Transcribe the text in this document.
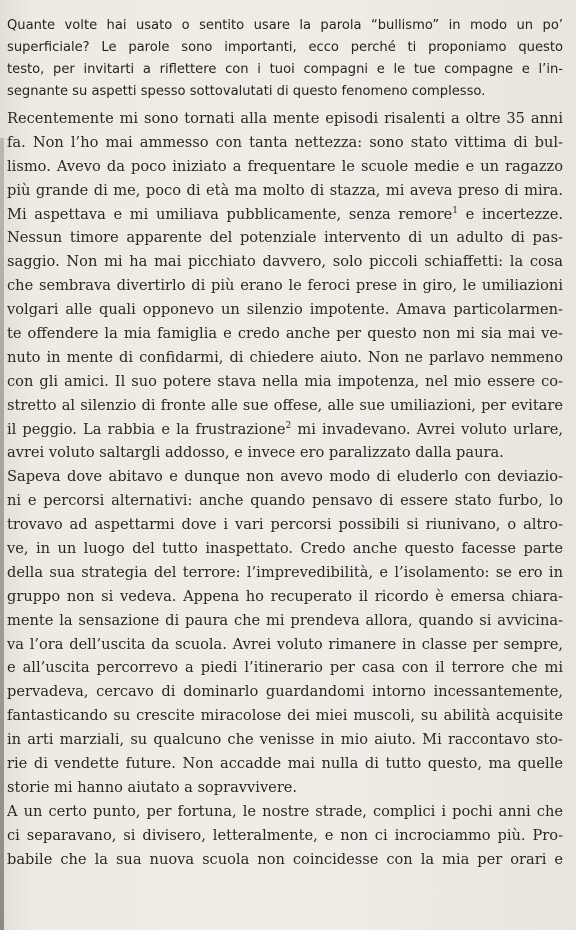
Quante volte hai usato o sentito usare la parola “bullismo” in modo un po’
superficiale? Le parole sono importanti, ecco perché ti proponiamo questo
testo, per invitarti a riflettere con i tuoi compagni e le tue compagne e l’in-
segnante su aspetti spesso sottovalutati di questo fenomeno complesso.
Recentemente mi sono tornati alla mente episodi risalenti a oltre 35 anni
fa. Non l’ho mai ammesso con tanta nettezza: sono stato vittima di bul-
lismo. Avevo da poco iniziato a frequentare le scuole medie e un ragazzo
più grande di me, poco di età ma molto di stazza, mi aveva preso di mira.
Mi aspettava e mi umiliava pubblicamente, senza remore$^1$ e incertezze.
Nessun timore apparente del potenziale intervento di un adulto di pas-
saggio. Non mi ha mai picchiato davvero, solo piccoli schiaffetti: la cosa
che sembrava divertirlo di più erano le feroci prese in giro, le umiliazioni
volgari alle quali opponevo un silenzio impotente. Amava particolarmen-
te offendere la mia famiglia e credo anche per questo non mi sia mai ve-
nuto in mente di confidarmi, di chiedere aiuto. Non ne parlavo nemmeno
con gli amici. Il suo potere stava nella mia impotenza, nel mio essere co-
stretto al silenzio di fronte alle sue offese, alle sue umiliazioni, per evitare
il peggio. La rabbia e la frustrazione$^2$ mi invadevano. Avrei voluto urlare,
avrei voluto saltargli addosso, e invece ero paralizzato dalla paura.
Sapeva dove abitavo e dunque non avevo modo di eluderlo con deviazio-
ni e percorsi alternativi: anche quando pensavo di essere stato furbo, lo
trovavo ad aspettarmi dove i vari percorsi possibili si riunivano, o altro-
ve, in un luogo del tutto inaspettato. Credo anche questo facesse parte
della sua strategia del terrore: l’imprevedibilità, e l’isolamento: se ero in
gruppo non si vedeva. Appena ho recuperato il ricordo è emersa chiara-
mente la sensazione di paura che mi prendeva allora, quando si avvicina-
va l’ora dell’uscita da scuola. Avrei voluto rimanere in classe per sempre,
e all’uscita percorrevo a piedi l’itinerario per casa con il terrore che mi
pervadeva, cercavo di dominarlo guardandomi intorno incessantemente,
fantasticando su crescite miracolose dei miei muscoli, su abilità acquisite
in arti marziali, su qualcuno che venisse in mio aiuto. Mi raccontavo sto-
rie di vendette future. Non accadde mai nulla di tutto questo, ma quelle
storie mi hanno aiutato a sopravvivere.
A un certo punto, per fortuna, le nostre strade, complici i pochi anni che
ci separavano, si divisero, letteralmente, e non ci incrociammo più. Pro-
babile che la sua nuova scuola non coincidesse con la mia per orari e
